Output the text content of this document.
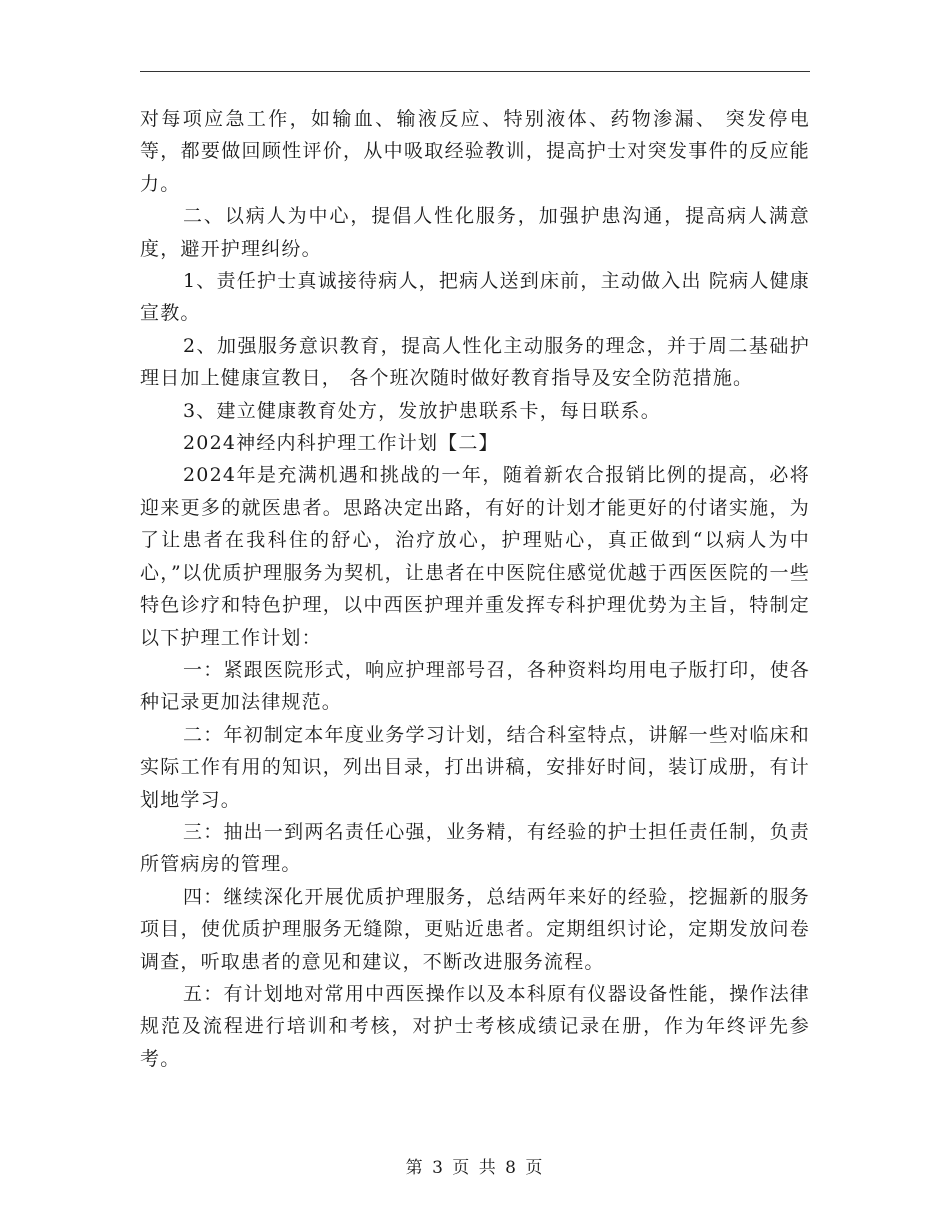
对每项应急工作，如输血、输液反应、特别液体、药物渗漏、 突发停电等，都要做回顾性评价，从中吸取经验教训，提高护士对突发事件的反应能力。

二、以病人为中心，提倡人性化服务，加强护患沟通，提高病人满意度，避开护理纠纷。

1、责任护士真诚接待病人，把病人送到床前，主动做入出 院病人健康宣教。

2、加强服务意识教育，提高人性化主动服务的理念，并于周二基础护理日加上健康宣教日， 各个班次随时做好教育指导及安全防范措施。

3、建立健康教育处方，发放护患联系卡，每日联系。

2024神经内科护理工作计划【二】

2024年是充满机遇和挑战的一年，随着新农合报销比例的提高，必将迎来更多的就医患者。思路决定出路，有好的计划才能更好的付诸实施，为了让患者在我科住的舒心，治疗放心，护理贴心，真正做到“以病人为中心，”以优质护理服务为契机，让患者在中医院住感觉优越于西医医院的一些特色诊疗和特色护理，以中西医护理并重发挥专科护理优势为主旨，特制定以下护理工作计划：

一：紧跟医院形式，响应护理部号召，各种资料均用电子版打印，使各种记录更加法律规范。

二：年初制定本年度业务学习计划，结合科室特点，讲解一些对临床和实际工作有用的知识，列出目录，打出讲稿，安排好时间，装订成册，有计划地学习。

三：抽出一到两名责任心强，业务精，有经验的护士担任责任制，负责所管病房的管理。

四：继续深化开展优质护理服务，总结两年来好的经验，挖掘新的服务项目，使优质护理服务无缝隙，更贴近患者。定期组织讨论，定期发放问卷调查，听取患者的意见和建议，不断改进服务流程。

五：有计划地对常用中西医操作以及本科原有仪器设备性能，操作法律规范及流程进行培训和考核，对护士考核成绩记录在册，作为年终评先参考。

第 3 页 共 8 页
